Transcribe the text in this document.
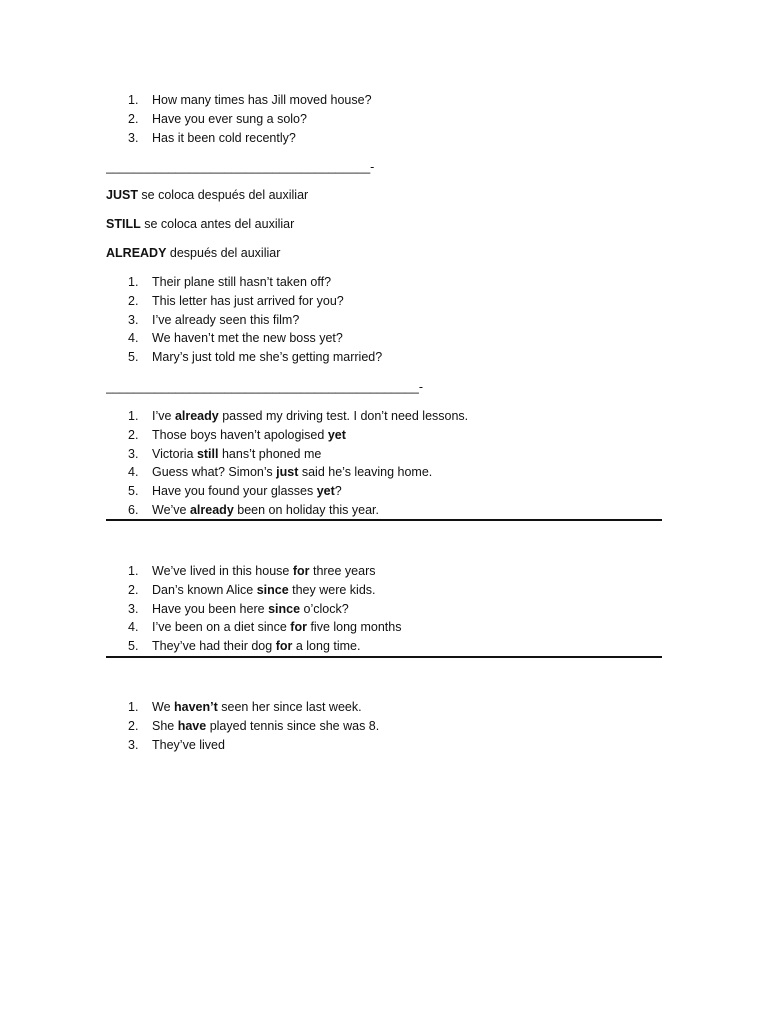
1. How many times has Jill moved house?
2. Have you ever sung a solo?
3. Has it been cold recently?
______________________________________-
JUST se coloca después del auxiliar
STILL se coloca antes del auxiliar
ALREADY después del auxiliar
1. Their plane still hasn’t taken off?
2. This letter has just arrived for you?
3. I’ve already seen this film?
4. We haven’t met the new boss yet?
5. Mary’s just told me she’s getting married?
_____________________________________________-
1. I’ve already passed my driving test. I don’t need lessons.
2. Those boys haven’t apologised yet
3. Victoria still hans’t phoned me
4. Guess what? Simon’s just said he’s leaving home.
5. Have you found your glasses yet?
6. We’ve already been on holiday this year.
1. We’ve lived in this house for three years
2. Dan’s known Alice since they were kids.
3. Have you been here since o’clock?
4. I’ve been on a diet since for five long months
5. They’ve had their dog for a long time.
1. We haven’t seen her since last week.
2. She have played tennis since she was 8.
3. They’ve lived
